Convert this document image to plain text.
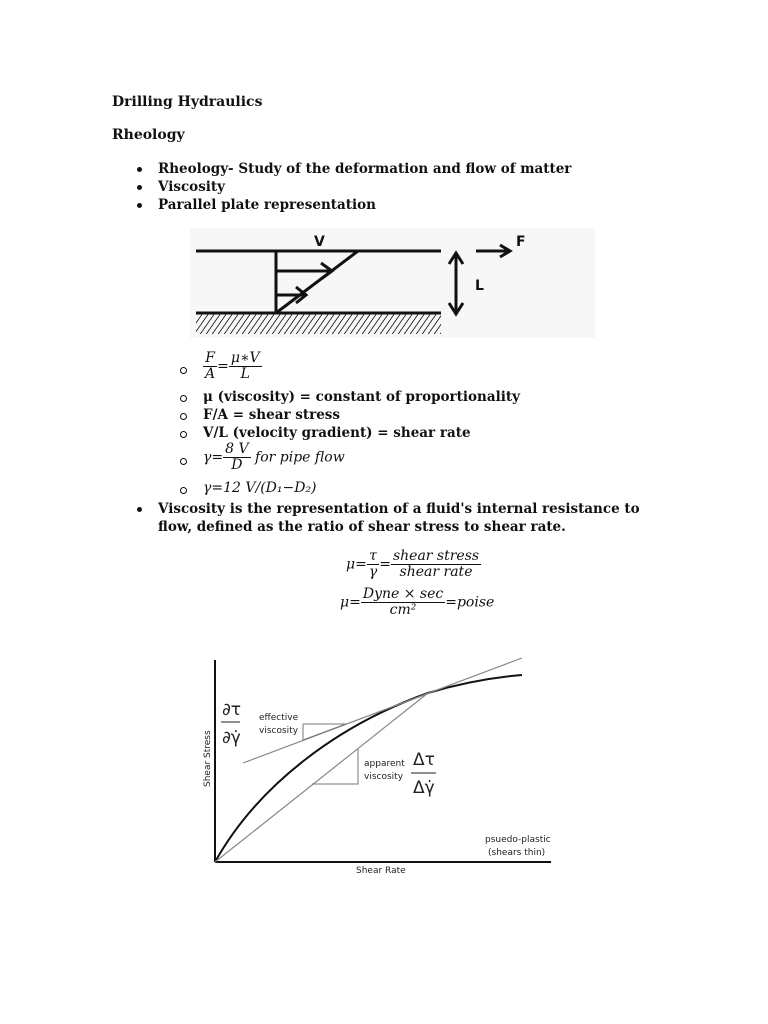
Drilling Hydraulics
Rheology
Rheology- Study of the deformation and flow of matter
Viscosity
Parallel plate representation
V	F
L
$\frac{F}{A} = \frac{\mu∗V}{L}$
μ (viscosity) = constant of proportionality
F/A = shear stress
V/L (velocity gradient) = shear rate
$\gamma= \frac{8 V}{D}$ for pipe flow
γ=12 V/(D₁−D₂)
Viscosity is the representation of a fluid's internal resistance to flow, defined as the ratio of shear stress to shear rate.
$\mu= \frac{\tau}{\gamma} = \frac{\text{shear stress}}{\text{shear rate}}$
$\mu= \frac{\text{Dyne × sec}}{\text{cm²}}$ =poise
∂τ
∂γ̇
effective
viscosity
apparent
viscosity
Δτ
Δγ̇
psuedo-plastic
(shears thin)
Shear Rate
Shear Stress
